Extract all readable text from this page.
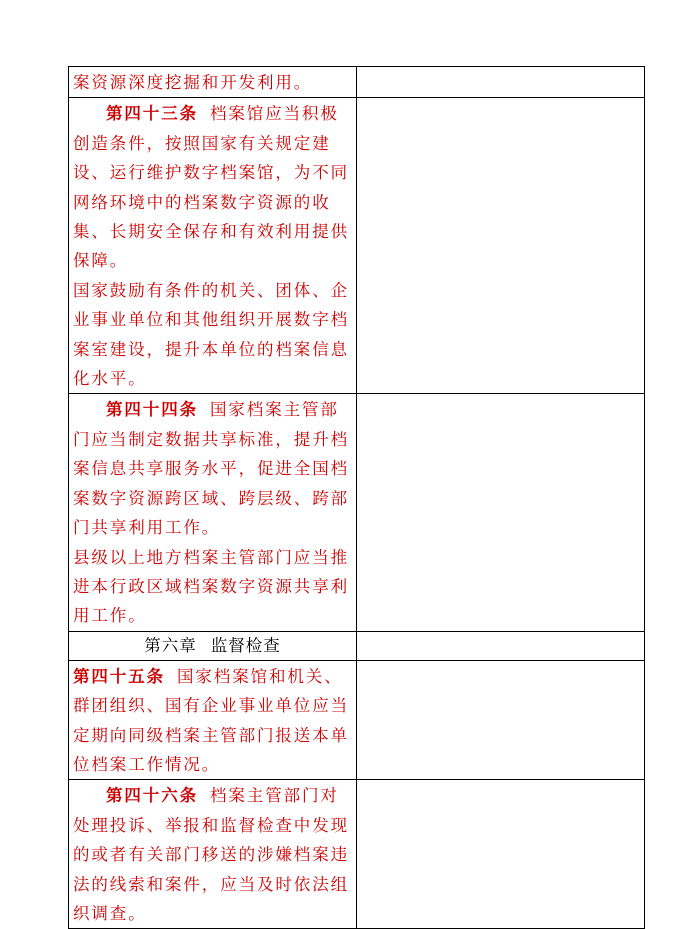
案资源深度挖掘和开发利用。	

第四十三条 档案馆应当积极创造条件，按照国家有关规定建设、运行维护数字档案馆，为不同网络环境中的档案数字资源的收集、长期安全保存和有效利用提供保障。

国家鼓励有条件的机关、团体、企业事业单位和其他组织开展数字档案室建设，提升本单位的档案信息化水平。	

第四十四条 国家档案主管部门应当制定数据共享标准，提升档案信息共享服务水平，促进全国档案数字资源跨区域、跨层级、跨部门共享利用工作。

县级以上地方档案主管部门应当推进本行政区域档案数字资源共享利用工作。	

第六章 监督检查	

第四十五条 国家档案馆和机关、群团组织、国有企业事业单位应当定期向同级档案主管部门报送本单位档案工作情况。	

第四十六条 档案主管部门对处理投诉、举报和监督检查中发现的或者有关部门移送的涉嫌档案违法的线索和案件，应当及时依法组织调查。	
